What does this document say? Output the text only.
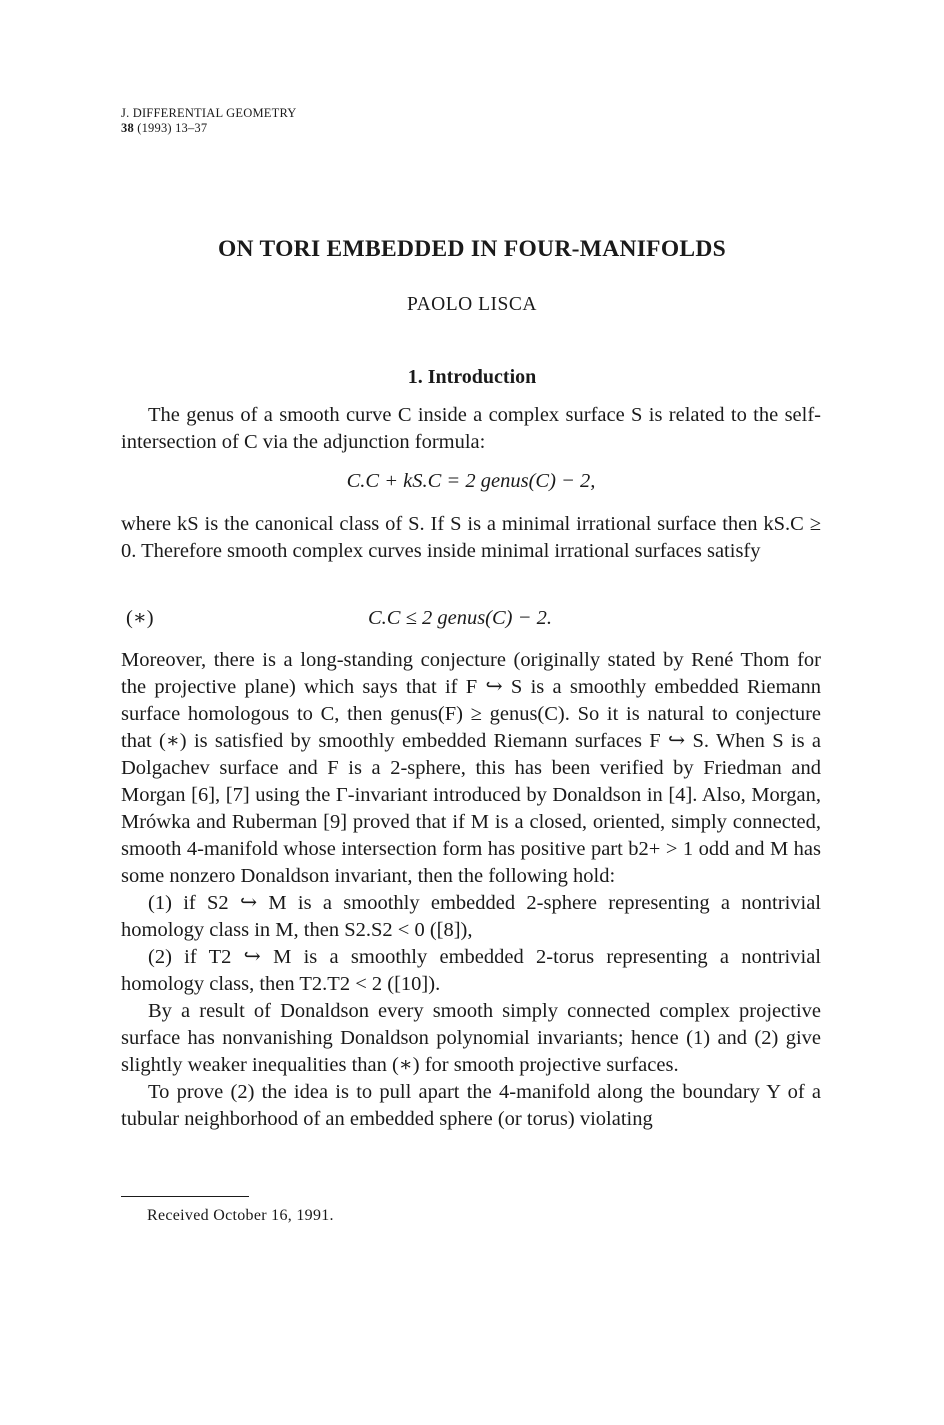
J. DIFFERENTIAL GEOMETRY
38 (1993) 13–37
ON TORI EMBEDDED IN FOUR-MANIFOLDS
PAOLO LISCA
1. Introduction

The genus of a smooth curve C inside a complex surface S is related to the self-intersection of C via the adjunction formula:

C.C + kS.C = 2 genus(C) − 2,

where kS is the canonical class of S. If S is a minimal irrational surface then kS.C ≥ 0. Therefore smooth complex curves inside minimal irrational surfaces satisfy

(∗)	C.C ≤ 2 genus(C) − 2.

Moreover, there is a long-standing conjecture (originally stated by René Thom for the projective plane) which says that if F ↪ S is a smoothly embedded Riemann surface homologous to C, then genus(F) ≥ genus(C). So it is natural to conjecture that (∗) is satisfied by smoothly embedded Riemann surfaces F ↪ S. When S is a Dolgachev surface and F is a 2-sphere, this has been verified by Friedman and Morgan [6], [7] using the Γ-invariant introduced by Donaldson in [4]. Also, Morgan, Mrówka and Ruberman [9] proved that if M is a closed, oriented, simply connected, smooth 4-manifold whose intersection form has positive part b2+ > 1 odd and M has some nonzero Donaldson invariant, then the following hold:

(1) if S2 ↪ M is a smoothly embedded 2-sphere representing a nontrivial homology class in M, then S2.S2 < 0 ([8]),

(2) if T2 ↪ M is a smoothly embedded 2-torus representing a nontrivial homology class, then T2.T2 < 2 ([10]).

By a result of Donaldson every smooth simply connected complex projective surface has nonvanishing Donaldson polynomial invariants; hence (1) and (2) give slightly weaker inequalities than (∗) for smooth projective surfaces.

To prove (2) the idea is to pull apart the 4-manifold along the boundary Y of a tubular neighborhood of an embedded sphere (or torus) violating

Received October 16, 1991.
